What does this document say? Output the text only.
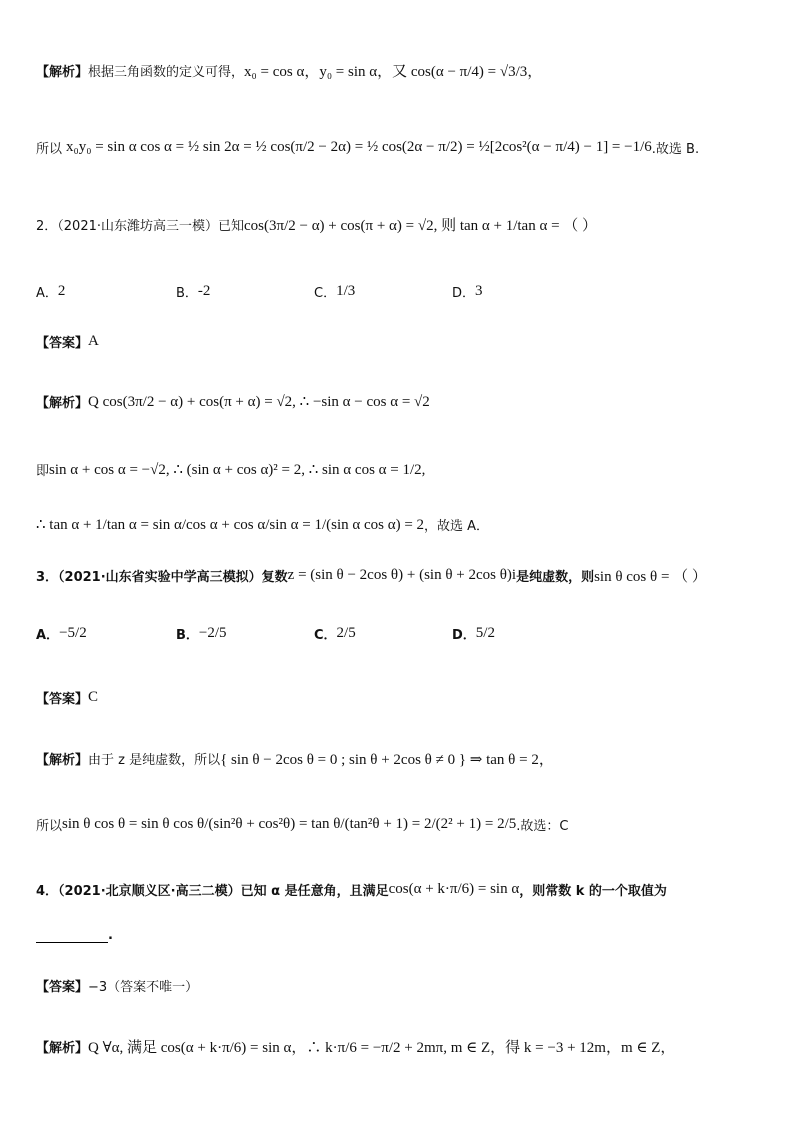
【解析】 根据三角函数的定义可得， x₀ = cos α，y₀ = sin α，又 cos(α − π/4) = √3/3，
所以 x₀y₀ = sin α cos α = ½ sin 2α = ½ cos(π/2 − 2α) = ½ cos(2α − π/2) = ½[2cos²(α − π/4) − 1] = −1/6 .故选 B.
2．（2021·山东潍坊高三一模）已知 cos(3π/2 − α) + cos(π + α) = √2, 则 tan α + 1/tan α = （ ）
A． 2	B． -2	C． 1/3	D． 3
【答案】 A
【解析】 Q cos(3π/2 − α) + cos(π + α) = √2, ∴ −sin α − cos α = √2
即 sin α + cos α = −√2, ∴ (sin α + cos α)² = 2, ∴ sin α cos α = 1/2,
∴ tan α + 1/tan α = sin α/cos α + cos α/sin α = 1/(sin α cos α) = 2 ，故选 A．
3．（2021·山东省实验中学高三模拟）复数 z = (sin θ − 2cos θ) + (sin θ + 2cos θ)i 是纯虚数，则 sin θ cos θ = （ ）
A． −5/2	B． −2/5	C． 2/5	D． 5/2
【答案】 C
【解析】 由于 z 是纯虚数，所以 { sin θ − 2cos θ = 0 ; sin θ + 2cos θ ≠ 0 } ⇒ tan θ = 2，
所以 sin θ cos θ = sin θ cos θ/(sin²θ + cos²θ) = tan θ/(tan²θ + 1) = 2/(2² + 1) = 2/5 .故选：C
4．（2021·北京顺义区·高三二模）已知 α 是任意角，且满足 cos(α + k·π/6) = sin α ，则常数 k 的一个取值为
.
【答案】 −3（答案不唯一）
【解析】 Q ∀α, 满足 cos(α + k·π/6) = sin α，∴ k·π/6 = −π/2 + 2mπ, m ∈ Z，得 k = −3 + 12m，m ∈ Z，
